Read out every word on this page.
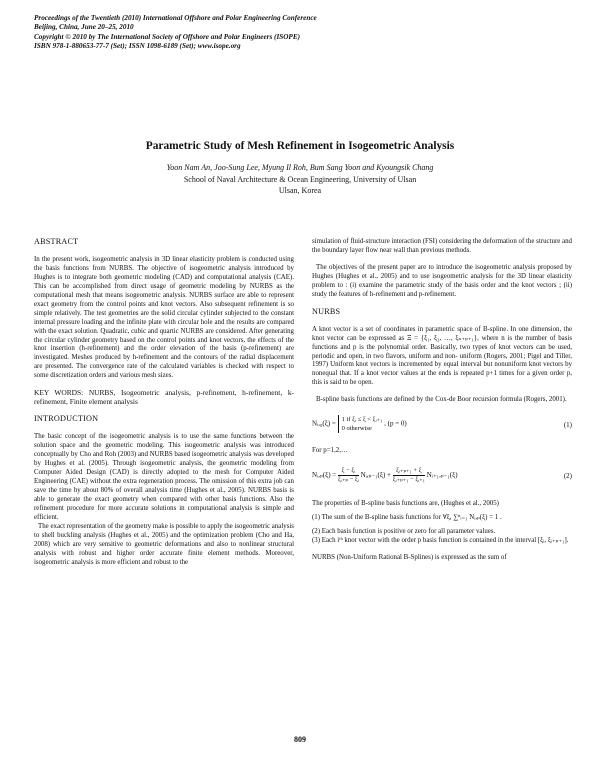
Proceedings of the Twentieth (2010) International Offshore and Polar Engineering Conference
Beijing, China, June 20–25, 2010
Copyright © 2010 by The International Society of Offshore and Polar Engineers (ISOPE)
ISBN 978-1-880653-77-7 (Set); ISSN 1098-6189 (Set); www.isope.org
Parametric Study of Mesh Refinement in Isogeometric Analysis
Yoon Nam An, Joo-Sung Lee, Myung Il Roh, Bum Sang Yoon and Kyoungsik Chang
School of Naval Architecture & Ocean Engineering, University of Ulsan
Ulsan, Korea
ABSTRACT

In the present work, isogeometric analysis in 3D linear elasticity problem is conducted using the basis functions from NURBS. The objective of isogeometric analysis introduced by Hughes is to integrate both geometric modeling (CAD) and computational analysis (CAE). This can be accomplished from direct usage of geometric modeling by NURBS as the computational mesh that means isogeometric analysis. NURBS surface are able to represent exact geometry from the control points and knot vectors. Also subsequent refinement is so simple relatively. The test geometries are the solid circular cylinder subjected to the constant internal pressure loading and the infinite plate with circular hole and the results are compared with the exact solution. Quadratic, cubic and quartic NURBS are considered. After generating the circular cylinder geometry based on the control points and knot vectors, the effects of the knot insertion (h-refinement) and the order elevation of the basis (p-refinement) are investigated. Meshes produced by h-refinement and the contours of the radial displacement are presented. The convergence rate of the calculated variables is checked with respect to some discretization orders and various mesh sizes.

KEY WORDS: NURBS, Isogeometric analysis, p-refinement, h-refinement, k-refinement, Finite element analysis

INTRODUCTION

The basic concept of the isogeometric analysis is to use the same functions between the solution space and the geometric modeling. This isogeometric analysis was introduced conceptually by Cho and Roh (2003) and NURBS based isogeometric analysis was developed by Hughes et al. (2005). Through isogeometric analysis, the geometric modeling from Computer Aided Design (CAD) is directly adopted to the mesh for Computer Aided Engineering (CAE) without the extra regeneration process. The omission of this extra job can save the time by about 80% of overall analysis time (Hughes et al., 2005). NURBS basis is able to generate the exact geometry when compared with other basis functions. Also the refinement procedure for more accurate solutions in computational analysis is simple and efficient.

The exact representation of the geometry make is possible to apply the isogeometric analysis to shell buckling analysis (Hughes et al., 2005) and the optimization problem (Cho and Ha, 2008) which are very sensitive to geometric deformations and also to nonlinear structural analysis with robust and higher order accurate finite element methods. Moreover, isogeometric analysis is more efficient and robust to the

simulation of fluid-structure interaction (FSI) considering the deformation of the structure and the boundary layer flow near wall than previous methods.

The objectives of the present paper are to introduce the isogeometric analysis proposed by Hughes (Hughes et al., 2005) and to use isogeometric analysis for the 3D linear elasticity problem to : (i) examine the parametric study of the basis order and the knot vectors ; (ii) study the features of h-refinement and p-refinement.

NURBS

A knot vector is a set of coordinates in parametric space of B-spline. In one dimension, the knot vector can be expressed as Ξ = {ξ₁, ξ₂, …, ξₙ₊ₚ₊₁}, where n is the number of basis functions and p is the polynomial order. Basically, two types of knot vectors can be used, periodic and open, in two flavors, uniform and non- uniform (Rogers, 2001; Pigel and Tiller, 1997) Uniform knot vectors is incremented by equal interval but nonuniform knot vectors by nonequal that. If a knot vector values at the ends is repeated p+1 times for a given order p, this is said to be open.

B-spline basis functions are defined by the Cox-de Boor recursion formula (Rogers, 2001).

Nᵢ,₀(ξ) =
1 if ξᵢ ≤ ξ < ξᵢ₊₁
0 otherwise
, (p = 0)	(1)

For p=1,2,…

Nᵢ,ₚ(ξ) = $\frac{\text{ξ − ξᵢ}}{\text{ξᵢ₊ₚ − ξᵢ}}$ Nᵢ,ₚ₋₁(ξ) + $\frac{\text{ξᵢ₊ₚ₊₁ + ξ}}{\text{ξᵢ₊ₚ₊₁ − ξᵢ₊₁}}$ Nᵢ₊₁,ₚ₋₁(ξ)	(2)

The properties of B-spline basis functions are, (Hughes et al., 2005)

(1) The sum of the B-spline basis functions for ∀ξ, ∑ⁿᵢ₌₁ Nᵢ,ₚ(ξ) = 1 .

(2) Each basis function is positive or zero for all parameter values.

(3) Each iᵗʰ knot vector with the order p basis function is contained in the interval [ξᵢ, ξᵢ₊ₚ₊₁].

NURBS (Non-Uniform Rational B-Splines) is expressed as the sum of

809
